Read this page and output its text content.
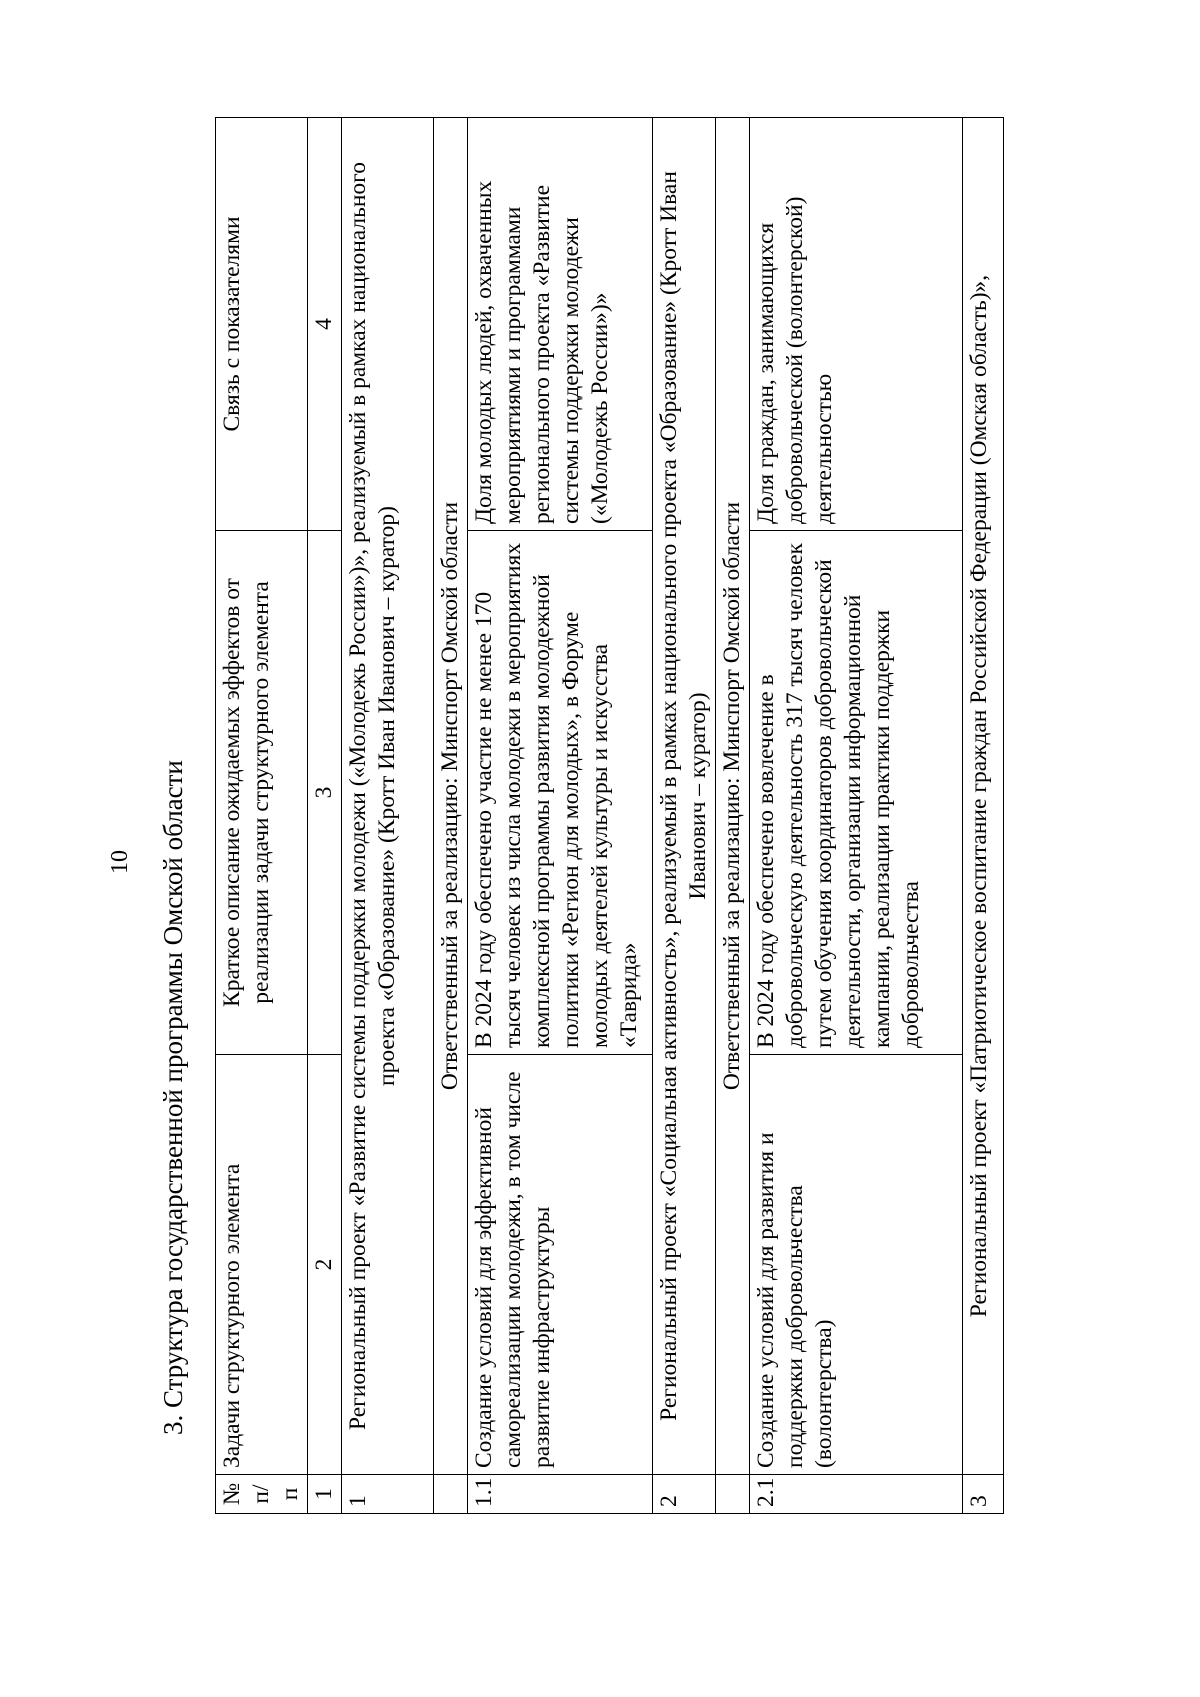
10 3. Структура государственной программы Омской области
№ п/п	Задачи структурного элемента	Краткое описание ожидаемых эффектов от реализации задачи структурного элемента	Связь с показателями
1	2	3	4
1	Региональный проект «Развитие системы поддержки молодежи («Молодежь России»)», реализуемый в рамках национального проекта «Образование» (Кротт Иван Иванович – куратор)		
	Ответственный за реализацию: Минспорт Омской области		
1.1	Создание условий для эффективной самореализации молодежи, в том числе развитие инфраструктуры	В 2024 году обеспечено участие не менее 170 тысяч человек из числа молодежи в мероприятиях комплексной программы развития молодежной политики «Регион для молодых», в Форуме молодых деятелей культуры и искусства «Таврида»	Доля молодых людей, охваченных мероприятиями и программами регионального проекта «Развитие системы поддержки молодежи («Молодежь России»)»
2	Региональный проект «Социальная активность», реализуемый в рамках национального проекта «Образование» (Кротт Иван Иванович – куратор)		
	Ответственный за реализацию: Минспорт Омской области		
2.1	Создание условий для развития и поддержки добровольчества (волонтерства)	В 2024 году обеспечено вовлечение в добровольческую деятельность 317 тысяч человек путем обучения координаторов добровольческой деятельности, организации информационной кампании, реализации практики поддержки добровольчества	Доля граждан, занимающихся добровольческой (волонтерской) деятельностью
3	Региональный проект «Патриотическое воспитание граждан Российской Федерации (Омская область)»,		
